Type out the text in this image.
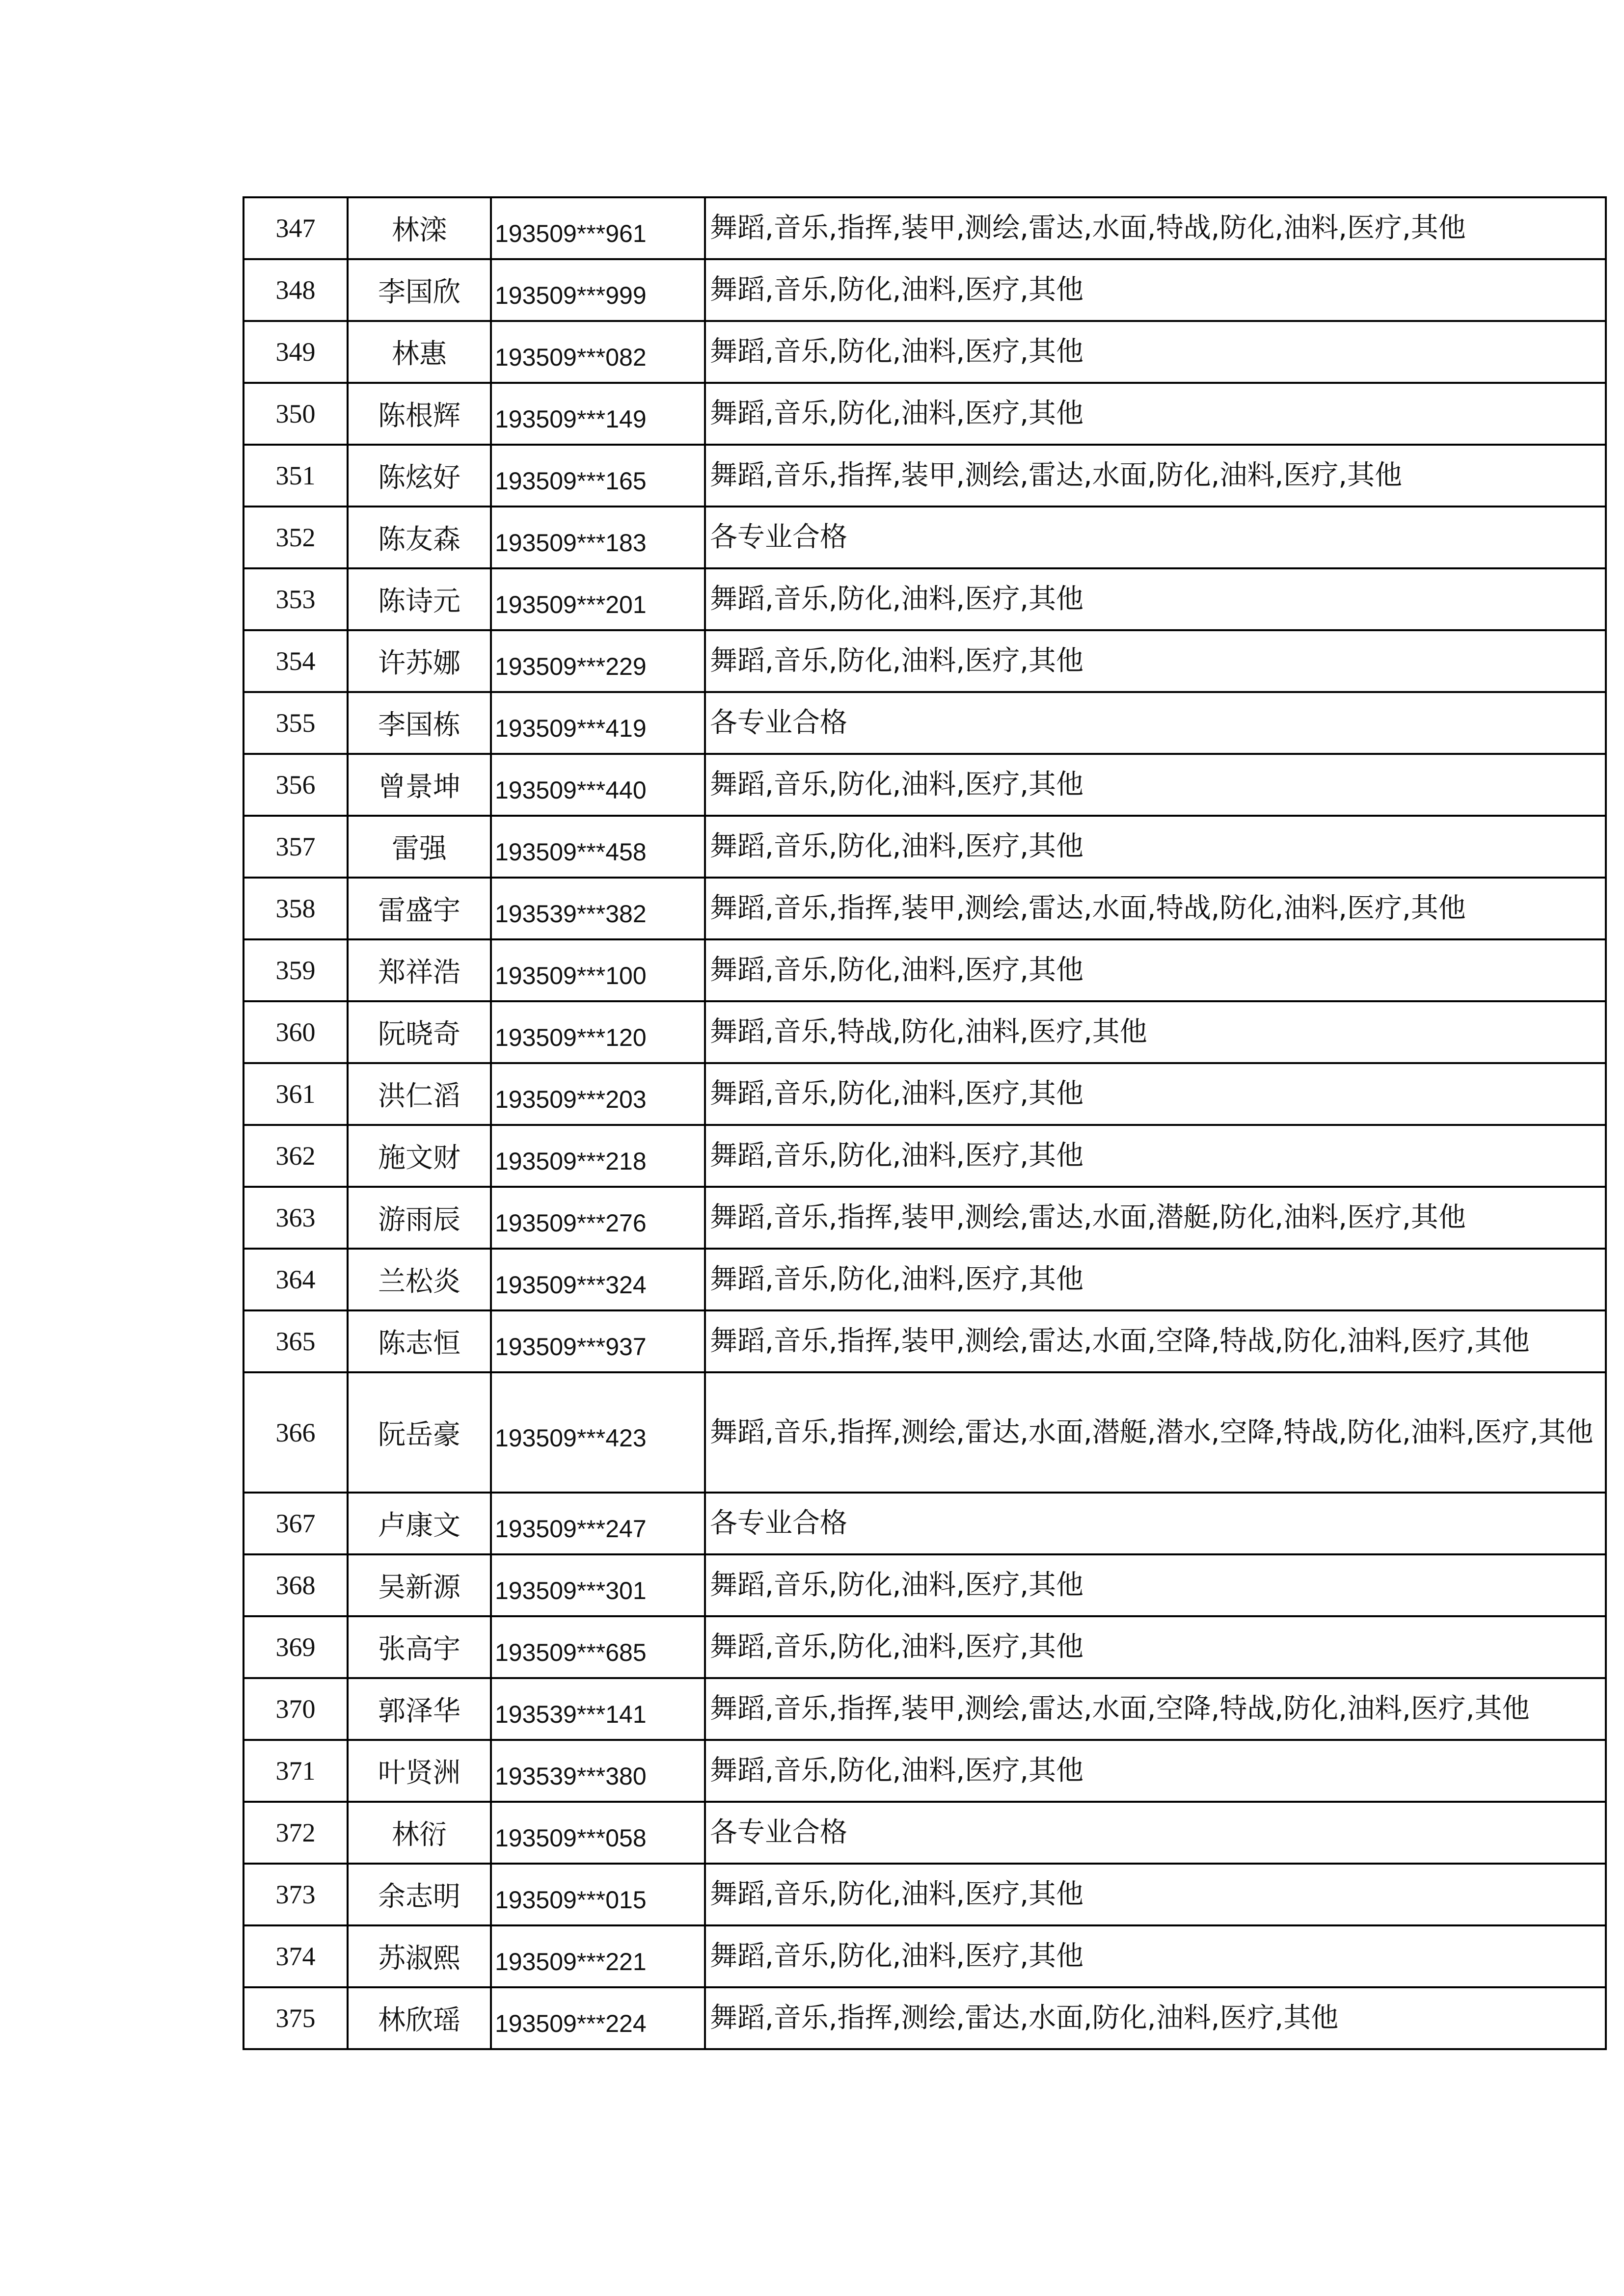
347	林滦	193509***961	舞蹈,音乐,指挥,装甲,测绘,雷达,水面,特战,防化,油料,医疗,其他
348	李国欣	193509***999	舞蹈,音乐,防化,油料,医疗,其他
349	林惠	193509***082	舞蹈,音乐,防化,油料,医疗,其他
350	陈根辉	193509***149	舞蹈,音乐,防化,油料,医疗,其他
351	陈炫好	193509***165	舞蹈,音乐,指挥,装甲,测绘,雷达,水面,防化,油料,医疗,其他
352	陈友森	193509***183	各专业合格
353	陈诗元	193509***201	舞蹈,音乐,防化,油料,医疗,其他
354	许苏娜	193509***229	舞蹈,音乐,防化,油料,医疗,其他
355	李国栋	193509***419	各专业合格
356	曾景坤	193509***440	舞蹈,音乐,防化,油料,医疗,其他
357	雷强	193509***458	舞蹈,音乐,防化,油料,医疗,其他
358	雷盛宇	193539***382	舞蹈,音乐,指挥,装甲,测绘,雷达,水面,特战,防化,油料,医疗,其他
359	郑祥浩	193509***100	舞蹈,音乐,防化,油料,医疗,其他
360	阮晓奇	193509***120	舞蹈,音乐,特战,防化,油料,医疗,其他
361	洪仁滔	193509***203	舞蹈,音乐,防化,油料,医疗,其他
362	施文财	193509***218	舞蹈,音乐,防化,油料,医疗,其他
363	游雨辰	193509***276	舞蹈,音乐,指挥,装甲,测绘,雷达,水面,潜艇,防化,油料,医疗,其他
364	兰松炎	193509***324	舞蹈,音乐,防化,油料,医疗,其他
365	陈志恒	193509***937	舞蹈,音乐,指挥,装甲,测绘,雷达,水面,空降,特战,防化,油料,医疗,其他
366	阮岳豪	193509***423	舞蹈,音乐,指挥,测绘,雷达,水面,潜艇,潜水,空降,特战,防化,油料,医疗,其他
367	卢康文	193509***247	各专业合格
368	吴新源	193509***301	舞蹈,音乐,防化,油料,医疗,其他
369	张高宇	193509***685	舞蹈,音乐,防化,油料,医疗,其他
370	郭泽华	193539***141	舞蹈,音乐,指挥,装甲,测绘,雷达,水面,空降,特战,防化,油料,医疗,其他
371	叶贤洲	193539***380	舞蹈,音乐,防化,油料,医疗,其他
372	林衍	193509***058	各专业合格
373	余志明	193509***015	舞蹈,音乐,防化,油料,医疗,其他
374	苏淑熙	193509***221	舞蹈,音乐,防化,油料,医疗,其他
375	林欣瑶	193509***224	舞蹈,音乐,指挥,测绘,雷达,水面,防化,油料,医疗,其他
